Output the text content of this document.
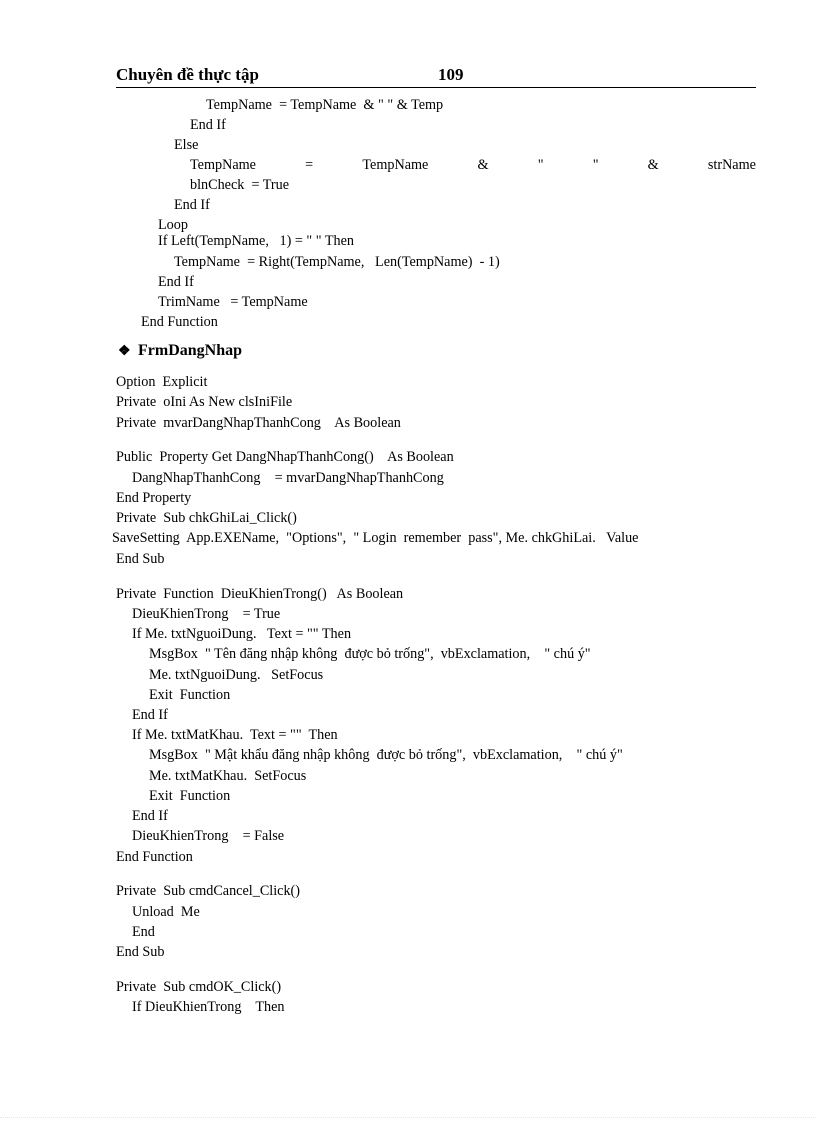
Chuyên đề thực tập	109
TempName  = TempName  & " " & Temp
End If
Else
TempName	=	TempName	&	"	"	&	strName
blnCheck  = True
End If
Loop
If Left(TempName,   1) = " " Then
TempName  = Right(TempName,   Len(TempName)  - 1)
End If
TrimName   = TempName
End Function
❖ FrmDangNhap
Option  Explicit
Private  oIni As New clsIniFile
Private  mvarDangNhapThanhCong    As Boolean
Public  Property Get DangNhapThanhCong()    As Boolean
DangNhapThanhCong    = mvarDangNhapThanhCong
End Property
Private  Sub chkGhiLai_Click()
SaveSetting  App.EXEName,  "Options",  " Login  remember  pass", Me. chkGhiLai.   Value
End Sub
Private  Function  DieuKhienTrong()   As Boolean
DieuKhienTrong    = True
If Me. txtNguoiDung.   Text = "" Then
MsgBox  " Tên đăng nhập không  được bỏ trống",  vbExclamation,    " chú ý"
Me. txtNguoiDung.   SetFocus
Exit  Function
End If
If Me. txtMatKhau.  Text = ""  Then
MsgBox  " Mật khẩu đăng nhập không  được bỏ trống",  vbExclamation,    " chú ý"
Me. txtMatKhau.  SetFocus
Exit  Function
End If
DieuKhienTrong    = False
End Function
Private  Sub cmdCancel_Click()
Unload  Me
End
End Sub
Private  Sub cmdOK_Click()
If DieuKhienTrong    Then
